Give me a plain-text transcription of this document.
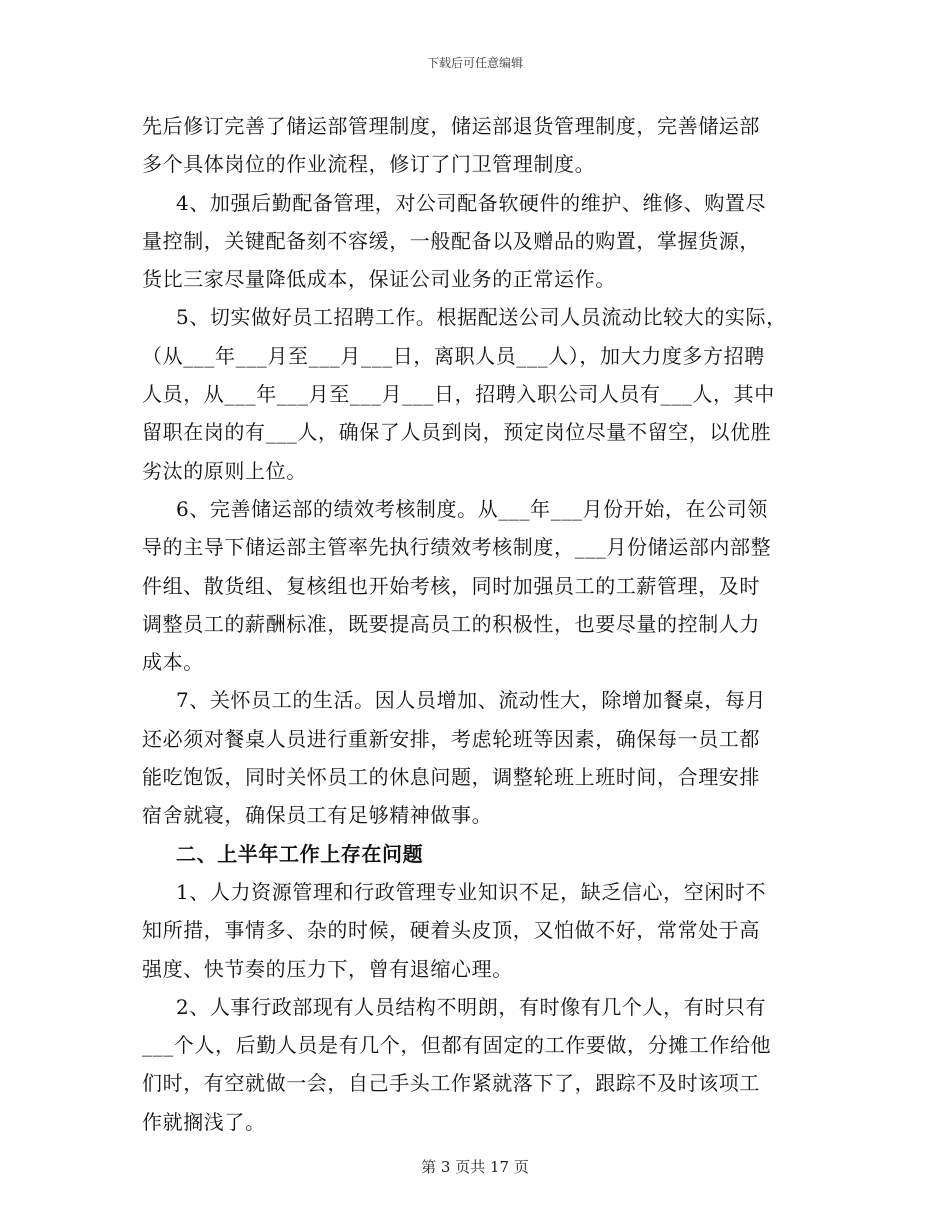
下载后可任意编辑
先后修订完善了储运部管理制度，储运部退货管理制度，完善储运部
多个具体岗位的作业流程，修订了门卫管理制度。
4、加强后勤配备管理，对公司配备软硬件的维护、维修、购置尽
量控制，关键配备刻不容缓，一般配备以及赠品的购置，掌握货源，
货比三家尽量降低成本，保证公司业务的正常运作。
5、切实做好员工招聘工作。根据配送公司人员流动比较大的实际，
（从___年___月至___月___日，离职人员___人），加大力度多方招聘
人员，从___年___月至___月___日，招聘入职公司人员有___人，其中
留职在岗的有___人，确保了人员到岗，预定岗位尽量不留空，以优胜
劣汰的原则上位。
6、完善储运部的绩效考核制度。从___年___月份开始，在公司领
导的主导下储运部主管率先执行绩效考核制度，___月份储运部内部整
件组、散货组、复核组也开始考核，同时加强员工的工薪管理，及时
调整员工的薪酬标准，既要提高员工的积极性，也要尽量的控制人力
成本。
7、关怀员工的生活。因人员增加、流动性大，除增加餐桌，每月
还必须对餐桌人员进行重新安排，考虑轮班等因素，确保每一员工都
能吃饱饭，同时关怀员工的休息问题，调整轮班上班时间，合理安排
宿舍就寝，确保员工有足够精神做事。
二、上半年工作上存在问题
1、人力资源管理和行政管理专业知识不足，缺乏信心，空闲时不
知所措，事情多、杂的时候，硬着头皮顶，又怕做不好，常常处于高
强度、快节奏的压力下，曾有退缩心理。
2、人事行政部现有人员结构不明朗，有时像有几个人，有时只有
___个人，后勤人员是有几个，但都有固定的工作要做，分摊工作给他
们时，有空就做一会，自己手头工作紧就落下了，跟踪不及时该项工
作就搁浅了。
第 3 页共 17 页
